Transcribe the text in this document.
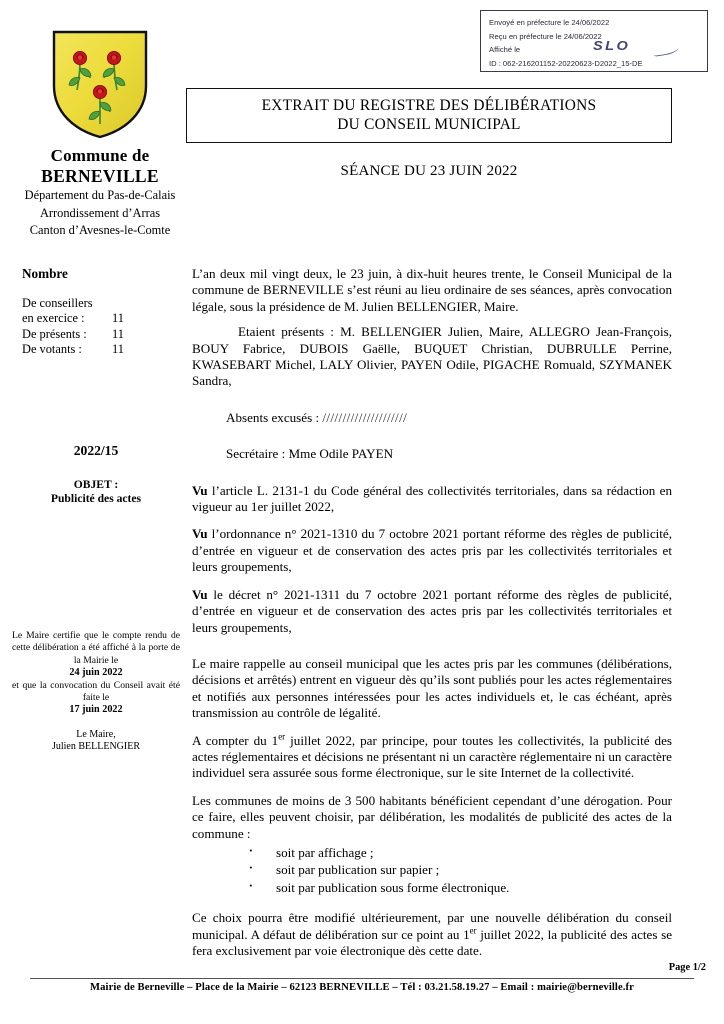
Envoyé en préfecture le 24/06/2022
Reçu en préfecture le 24/06/2022
Affiché le	SLO
ID : 062-216201152-20220623-D2022_15-DE
Commune de
BERNEVILLE
Département du Pas-de-Calais
Arrondissement d’Arras
Canton d’Avesnes-le-Comte
EXTRAIT DU REGISTRE DES DÉLIBÉRATIONS
DU CONSEIL MUNICIPAL
SÉANCE DU 23 JUIN 2022
Nombre
De conseillers
en exercice : 11
De présents : 11
De votants : 11
2022/15
OBJET :
Publicité des actes
Le Maire certifie que le compte rendu de cette délibération a été affiché à la porte de la Mairie le
24 juin 2022
et que la convocation du Conseil avait été faite le
17 juin 2022
Le Maire,
Julien BELLENGIER

L’an deux mil vingt deux, le 23 juin, à dix-huit heures trente, le Conseil Municipal de la commune de BERNEVILLE s’est réuni au lieu ordinaire de ses séances, après convocation légale, sous la présidence de M. Julien BELLENGIER, Maire.

Etaient présents : M. BELLENGIER Julien, Maire, ALLEGRO Jean-François, BOUY Fabrice, DUBOIS Gaëlle, BUQUET Christian, DUBRULLE Perrine, KWASEBART Michel, LALY Olivier, PAYEN Odile, PIGACHE Romuald, SZYMANEK Sandra,

Absents excusés : /////////////////////

Secrétaire : Mme Odile PAYEN

Vu l’article L. 2131-1 du Code général des collectivités territoriales, dans sa rédaction en vigueur au 1er juillet 2022,

Vu l’ordonnance n° 2021-1310 du 7 octobre 2021 portant réforme des règles de publicité, d’entrée en vigueur et de conservation des actes pris par les collectivités territoriales et leurs groupements,

Vu le décret n° 2021-1311 du 7 octobre 2021 portant réforme des règles de publicité, d’entrée en vigueur et de conservation des actes pris par les collectivités territoriales et leurs groupements,

Le maire rappelle au conseil municipal que les actes pris par les communes (délibérations, décisions et arrêtés) entrent en vigueur dès qu’ils sont publiés pour les actes réglementaires et notifiés aux personnes intéressées pour les actes individuels et, le cas échéant, après transmission au contrôle de légalité.

A compter du 1er juillet 2022, par principe, pour toutes les collectivités, la publicité des actes réglementaires et décisions ne présentant ni un caractère réglementaire ni un caractère individuel sera assurée sous forme électronique, sur le site Internet de la collectivité.

Les communes de moins de 3 500 habitants bénéficient cependant d’une dérogation. Pour ce faire, elles peuvent choisir, par délibération, les modalités de publicité des actes de la commune :

· soit par affichage ;
· soit par publication sur papier ;
· soit par publication sous forme électronique.

Ce choix pourra être modifié ultérieurement, par une nouvelle délibération du conseil municipal. A défaut de délibération sur ce point au 1er juillet 2022, la publicité des actes se fera exclusivement par voie électronique dès cette date.

Page 1/2
Mairie de Berneville – Place de la Mairie – 62123 BERNEVILLE – Tél : 03.21.58.19.27 – Email : mairie@berneville.fr
